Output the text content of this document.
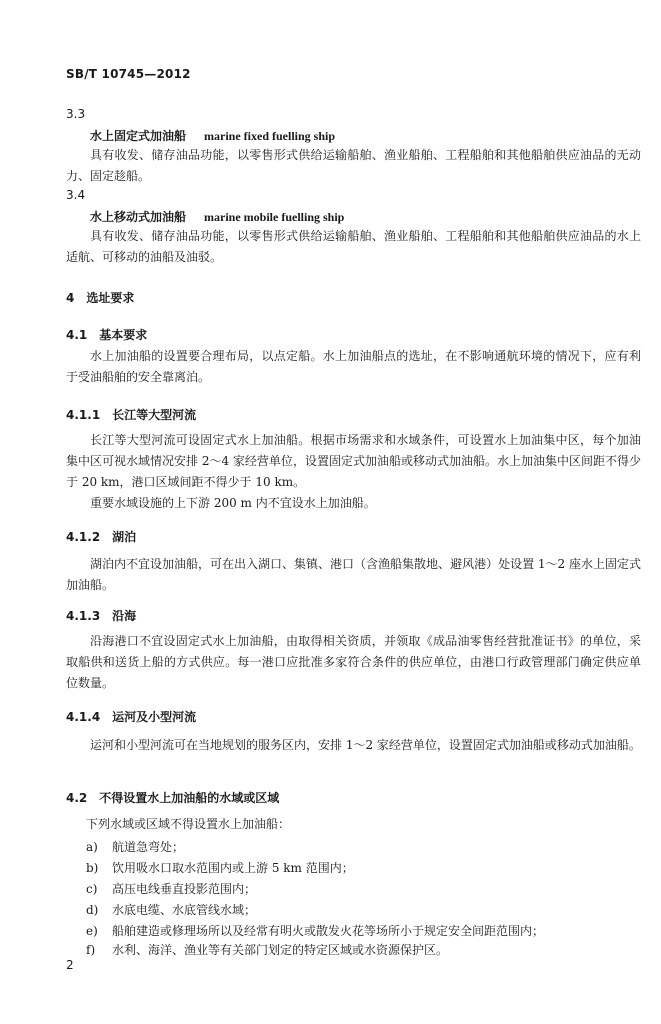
SB/T 10745—2012
3.3
水上固定式加油船 marine fixed fuelling ship
具有收发、储存油品功能，以零售形式供给运输船舶、渔业船舶、工程船舶和其他船舶供应油品的无动力、固定趁船。
3.4
水上移动式加油船 marine mobile fuelling ship
具有收发、储存油品功能，以零售形式供给运输船舶、渔业船舶、工程船舶和其他船舶供应油品的水上适航、可移动的油船及油驳。
4 选址要求
4.1 基本要求
水上加油船的设置要合理布局，以点定船。水上加油船点的选址，在不影响通航环境的情况下，应有利于受油船舶的安全靠离泊。
4.1.1 长江等大型河流
长江等大型河流可设固定式水上加油船。根据市场需求和水域条件，可设置水上加油集中区，每个加油集中区可视水域情况安排 2～4 家经营单位，设置固定式加油船或移动式加油船。水上加油集中区间距不得少于 20 km，港口区域间距不得少于 10 km。
重要水域设施的上下游 200 m 内不宜设水上加油船。
4.1.2 湖泊
湖泊内不宜设加油船，可在出入湖口、集镇、港口（含渔船集散地、避风港）处设置 1～2 座水上固定式加油船。
4.1.3 沿海
沿海港口不宜设固定式水上加油船，由取得相关资质，并领取《成品油零售经营批准证书》的单位，采取船供和送货上船的方式供应。每一港口应批准多家符合条件的供应单位，由港口行政管理部门确定供应单位数量。
4.1.4 运河及小型河流
运河和小型河流可在当地规划的服务区内，安排 1～2 家经营单位，设置固定式加油船或移动式加油船。
4.2 不得设置水上加油船的水域或区域
下列水域或区域不得设置水上加油船：
a) 航道急弯处；
b) 饮用吸水口取水范围内或上游 5 km 范围内；
c) 高压电线垂直投影范围内；
d) 水底电缆、水底管线水域；
e) 船舶建造或修理场所以及经常有明火或散发火花等场所小于规定安全间距范围内；
f) 水利、海洋、渔业等有关部门划定的特定区域或水资源保护区。
2
